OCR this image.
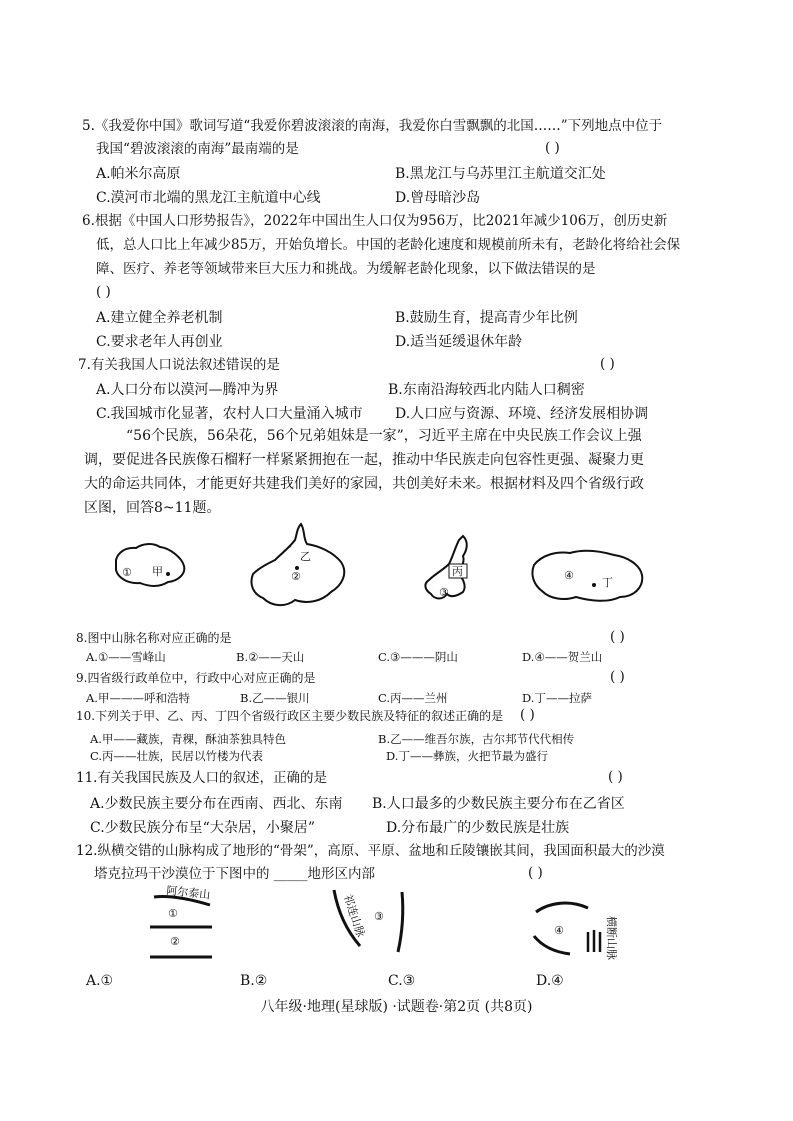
5.《我爱你中国》歌词写道“我爱你碧波滚滚的南海，我爱你白雪飘飘的北国……”下列地点中位于
我国“碧波滚滚的南海”最南端的是	( )
A.帕米尔高原	B.黑龙江与乌苏里江主航道交汇处
C.漠河市北端的黑龙江主航道中心线	D.曾母暗沙岛
6.根据《中国人口形势报告》，2022年中国出生人口仅为956万，比2021年减少106万，创历史新
低，总人口比上年减少85万，开始负增长。中国的老龄化速度和规模前所未有，老龄化将给社会保
障、医疗、养老等领域带来巨大压力和挑战。为缓解老龄化现象，以下做法错误的是
( )
A.建立健全养老机制	B.鼓励生育，提高青少年比例
C.要求老年人再创业	D.适当延缓退休年龄
7.有关我国人口说法叙述错误的是	( )
A.人口分布以漠河—腾冲为界	B.东南沿海较西北内陆人口稠密
C.我国城市化显著，农村人口大量涌入城市 D.人口应与资源、环境、经济发展相协调
“56个民族，56朵花，56个兄弟姐妹是一家”，习近平主席在中央民族工作会议上强
调，要促进各民族像石榴籽一样紧紧拥抱在一起，推动中华民族走向包容性更强、凝聚力更
大的命运共同体，才能更好共建我们美好的家园，共创美好未来。根据材料及四个省级行政
区图，回答8~11题。
① 甲
乙
②	丙
③
④
丁
8.图中山脉名称对应正确的是	( )
A.①——雪峰山	B.②——天山	C.③———阴山	D.④——贺兰山
9.四省级行政单位中，行政中心对应正确的是	( )
A.甲———呼和浩特	B.乙——银川	C.丙——兰州	D.丁——拉萨
10.下列关于甲、乙、丙、丁四个省级行政区主要少数民族及特征的叙述正确的是 ( )
A.甲——藏族，青稞，酥油茶独具特色	B.乙——维吾尔族，古尔邦节代代相传
C.丙——壮族，民居以竹楼为代表	D.丁——彝族，火把节最为盛行
11.有关我国民族及人口的叙述，正确的是	( )
A.少数民族主要分布在西南、西北、东南 B.人口最多的少数民族主要分布在乙省区
C.少数民族分布呈“大杂居，小聚居”	D.分布最广的少数民族是壮族
12.纵横交错的山脉构成了地形的“骨架”，高原、平原、盆地和丘陵镶嵌其间，我国面积最大的沙漠
塔克拉玛干沙漠位于下图中的 _____地形区内部	( )
阿尔泰山
①
②
祁连山脉 ③
④	横断山脉
A.①	B.②	C.③	D.④
八年级·地理(星球版) ·试题卷·第2页 (共8页)
